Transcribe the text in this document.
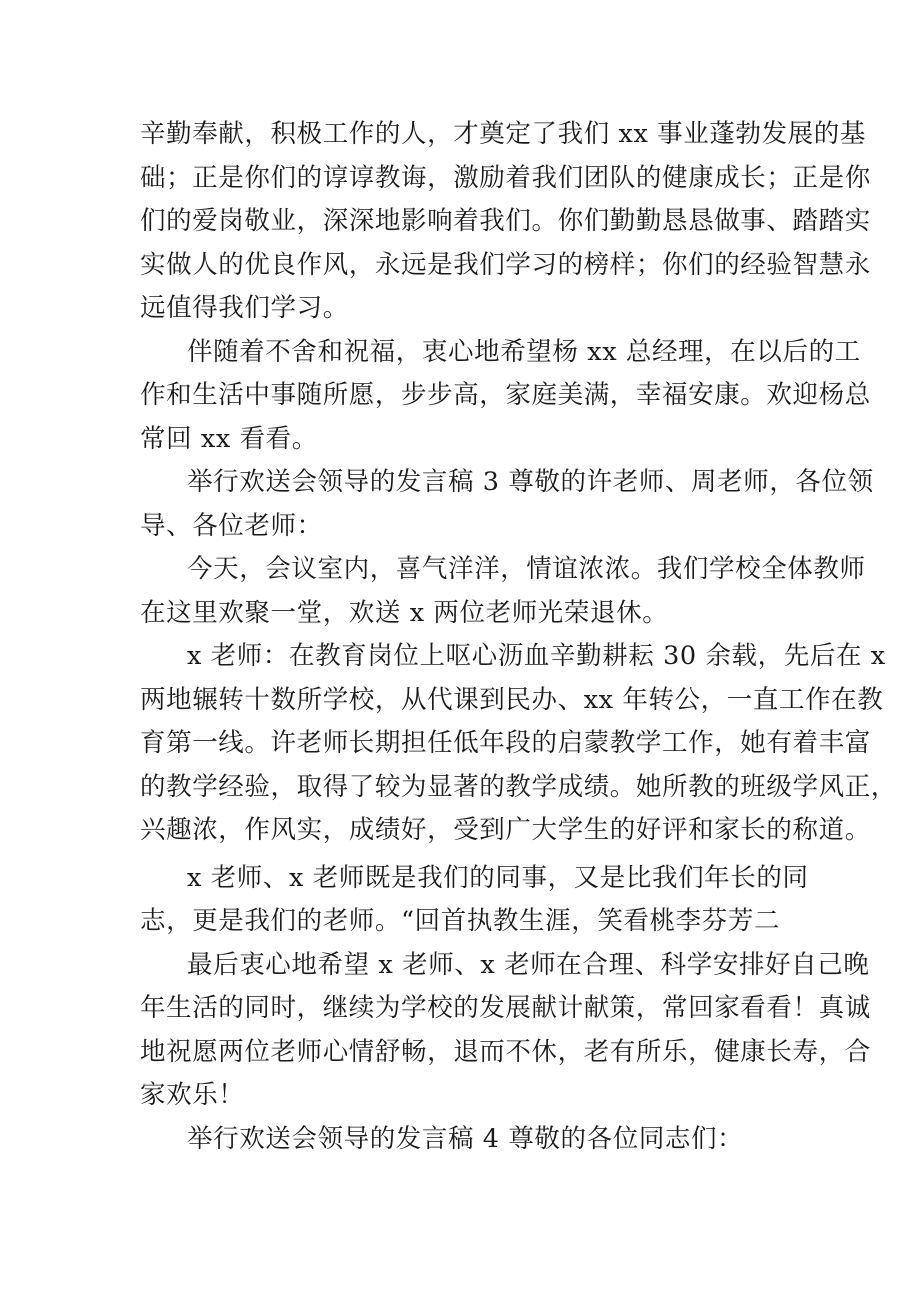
辛勤奉献，积极工作的人，才奠定了我们 xx 事业蓬勃发展的基
础；正是你们的谆谆教诲，激励着我们团队的健康成长；正是你
们的爱岗敬业，深深地影响着我们。你们勤勤恳恳做事、踏踏实
实做人的优良作风，永远是我们学习的榜样；你们的经验智慧永
远值得我们学习。
伴随着不舍和祝福，衷心地希望杨 xx 总经理，在以后的工
作和生活中事随所愿，步步高，家庭美满，幸福安康。欢迎杨总
常回 xx 看看。
举行欢送会领导的发言稿 3 尊敬的许老师、周老师，各位领
导、各位老师：
今天，会议室内，喜气洋洋，情谊浓浓。我们学校全体教师
在这里欢聚一堂，欢送 x 两位老师光荣退休。
x 老师：在教育岗位上呕心沥血辛勤耕耘 30 余载，先后在 x
两地辗转十数所学校，从代课到民办、xx 年转公，一直工作在教
育第一线。许老师长期担任低年段的启蒙教学工作，她有着丰富
的教学经验，取得了较为显著的教学成绩。她所教的班级学风正，
兴趣浓，作风实，成绩好，受到广大学生的好评和家长的称道。
x 老师、x 老师既是我们的同事，又是比我们年长的同
志，更是我们的老师。“回首执教生涯，笑看桃李芬芳二
最后衷心地希望 x 老师、x 老师在合理、科学安排好自己晚
年生活的同时，继续为学校的发展献计献策，常回家看看！真诚
地祝愿两位老师心情舒畅，退而不休，老有所乐，健康长寿，合
家欢乐！
举行欢送会领导的发言稿 4 尊敬的各位同志们：
